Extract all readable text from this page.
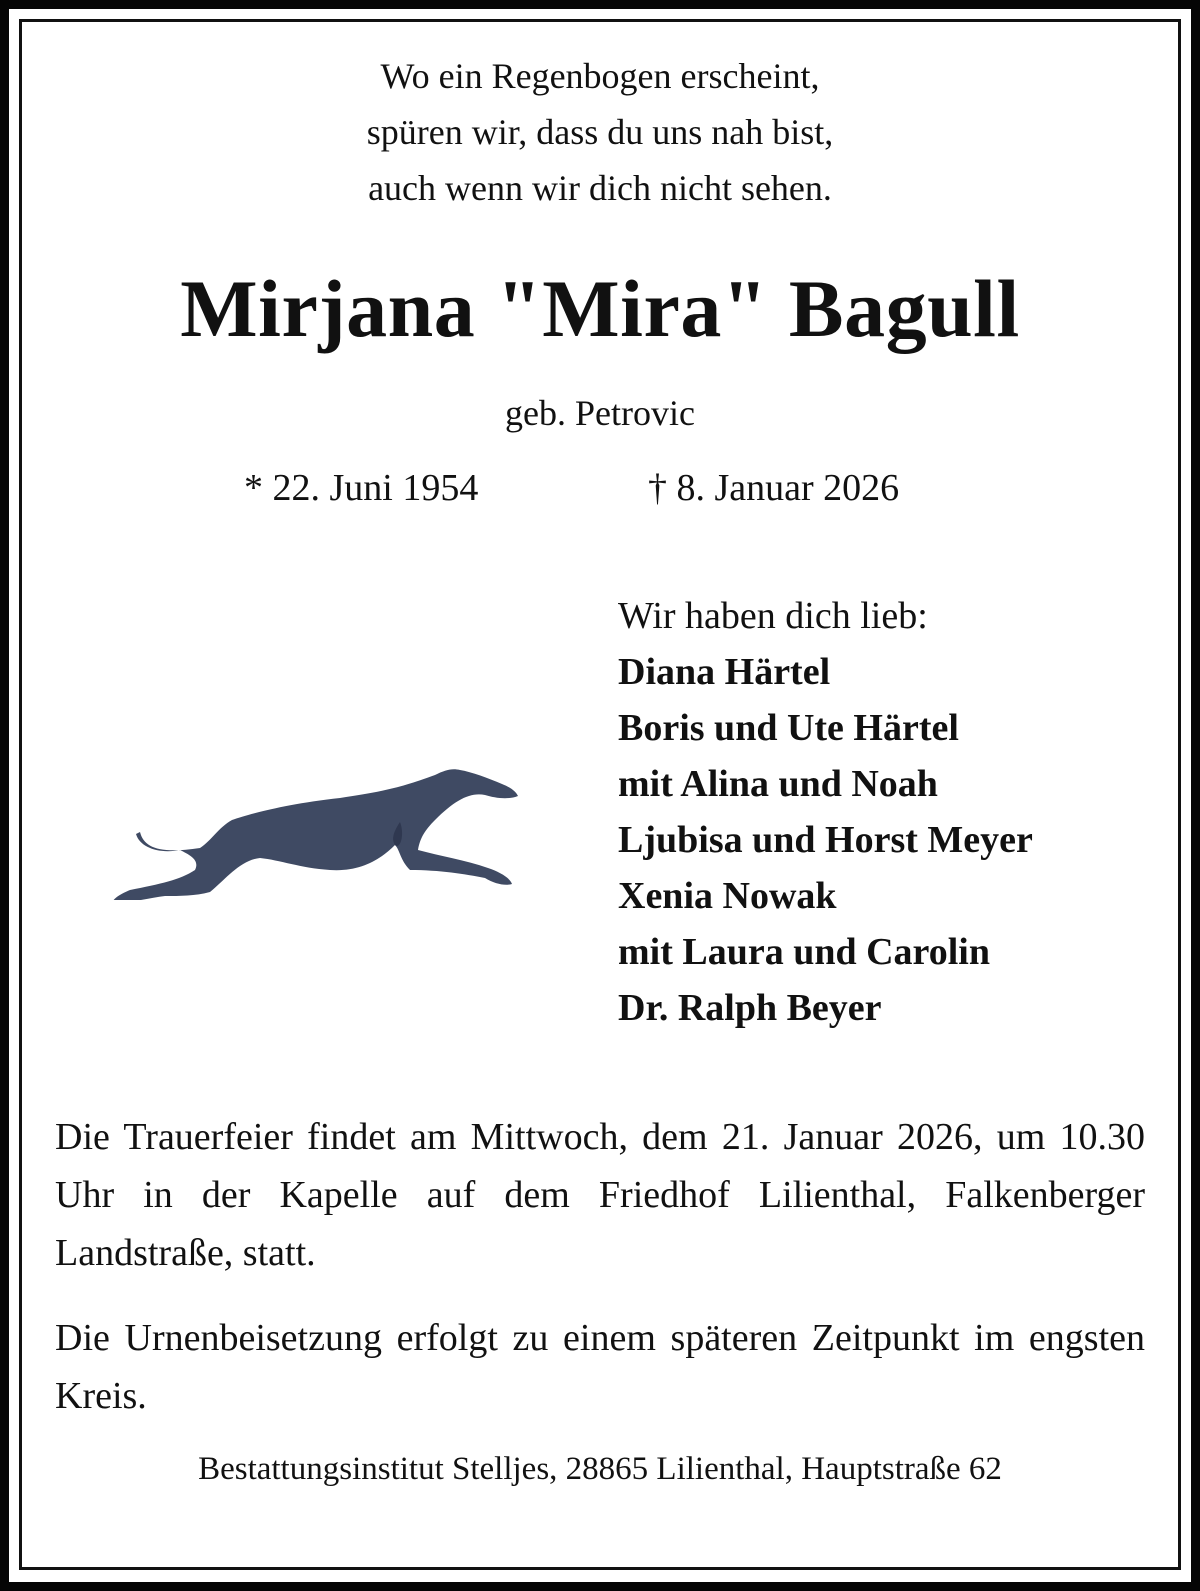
Wo ein Regenbogen erscheint,
spüren wir, dass du uns nah bist,
auch wenn wir dich nicht sehen.
Mirjana "Mira" Bagull
geb. Petrovic
* 22. Juni 1954	† 8. Januar 2026
Wir haben dich lieb:
Diana Härtel
Boris und Ute Härtel
mit Alina und Noah
Ljubisa und Horst Meyer
Xenia Nowak
mit Laura und Carolin
Dr. Ralph Beyer
Die Trauerfeier findet am Mittwoch, dem 21. Januar 2026, um 10.30 Uhr in der Kapelle auf dem Friedhof Lilienthal, Falkenberger Landstraße, statt.
Die Urnenbeisetzung erfolgt zu einem späteren Zeitpunkt im engsten Kreis.
Bestattungsinstitut Stelljes, 28865 Lilienthal, Hauptstraße 62
